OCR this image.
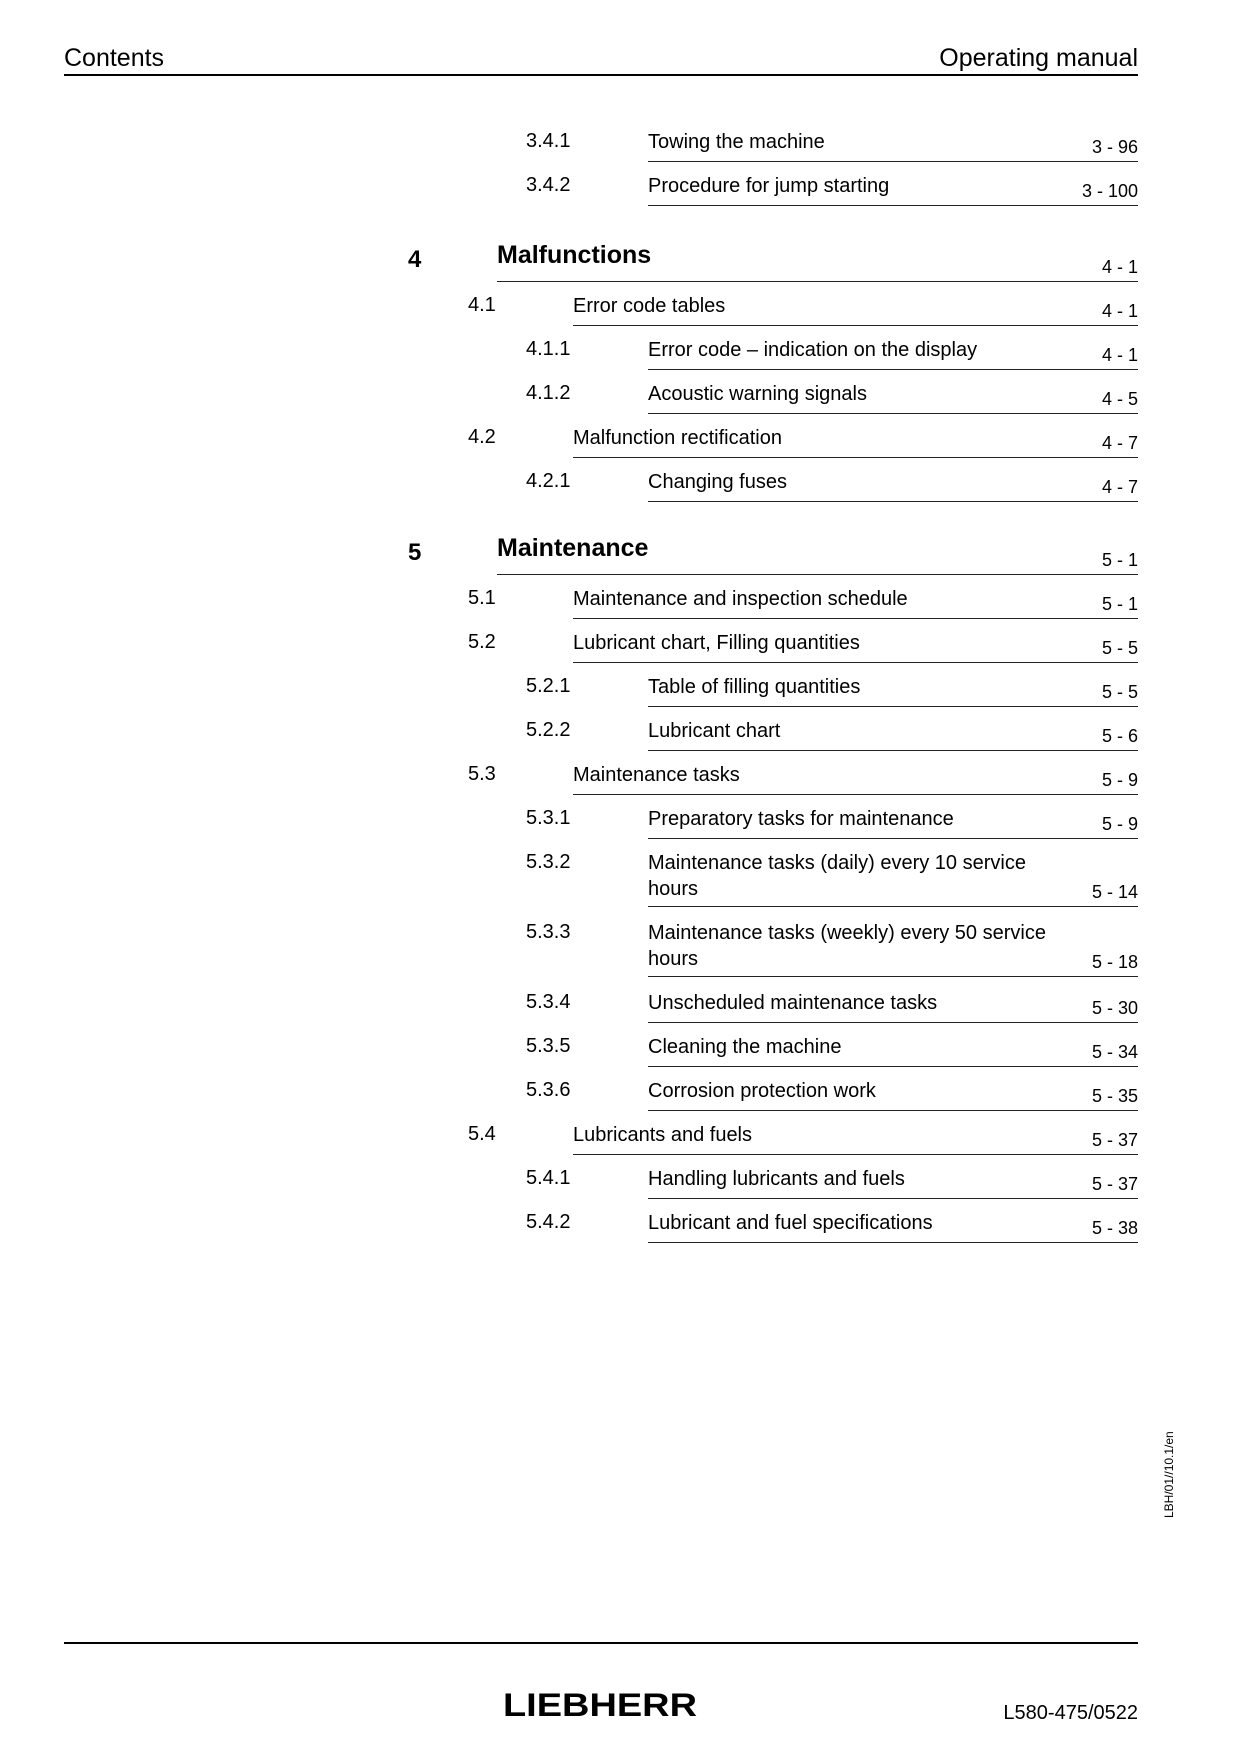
Contents	Operating manual
3.4.1	Towing the machine	3 - 96
3.4.2	Procedure for jump starting	3 - 100
4	Malfunctions	4 - 1
4.1	Error code tables	4 - 1
4.1.1	Error code – indication on the display	4 - 1
4.1.2	Acoustic warning signals	4 - 5
4.2	Malfunction rectification	4 - 7
4.2.1	Changing fuses	4 - 7
5	Maintenance	5 - 1
5.1	Maintenance and inspection schedule	5 - 1
5.2	Lubricant chart, Filling quantities	5 - 5
5.2.1	Table of filling quantities	5 - 5
5.2.2	Lubricant chart	5 - 6
5.3	Maintenance tasks	5 - 9
5.3.1	Preparatory tasks for maintenance	5 - 9
5.3.2	Maintenance tasks (daily) every 10 service hours	5 - 14
5.3.3	Maintenance tasks (weekly) every 50 service hours	5 - 18
5.3.4	Unscheduled maintenance tasks	5 - 30
5.3.5	Cleaning the machine	5 - 34
5.3.6	Corrosion protection work	5 - 35
5.4	Lubricants and fuels	5 - 37
5.4.1	Handling lubricants and fuels	5 - 37
5.4.2	Lubricant and fuel specifications	5 - 38
LBH/01//10.1/en
LIEBHERR	L580-475/0522
